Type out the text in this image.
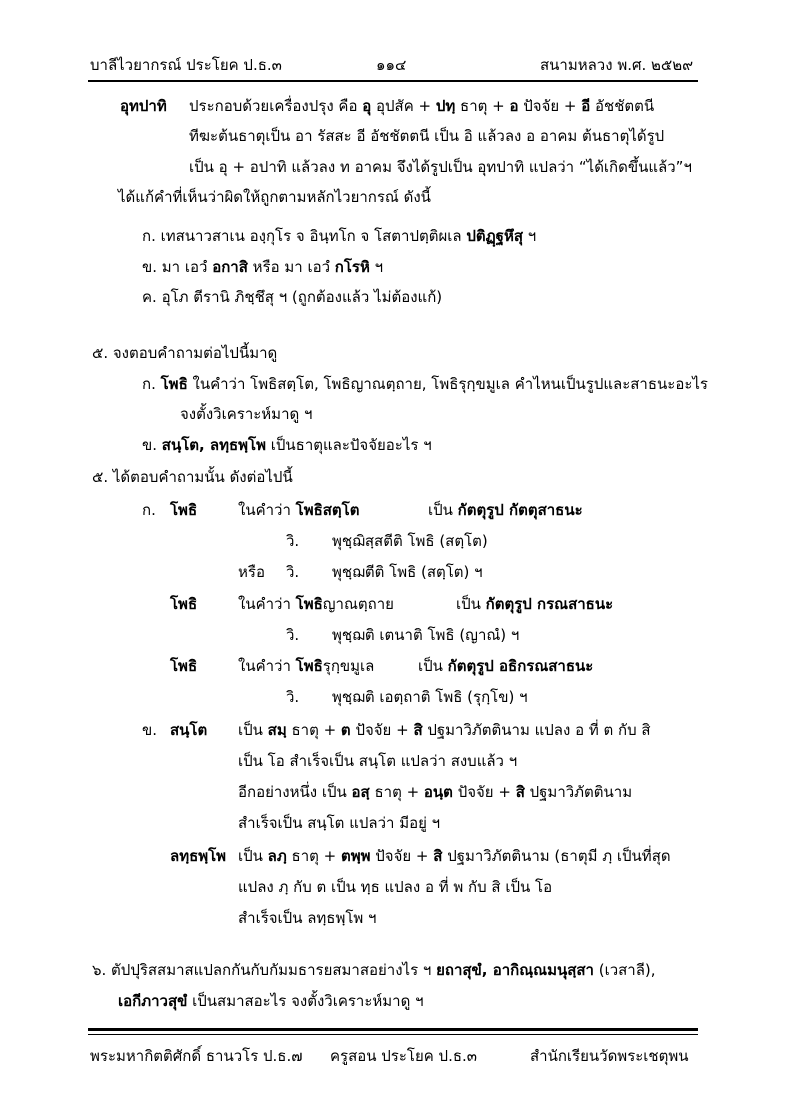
บาลีไวยากรณ์ ประโยค ป.ธ.๓	๑๑๔	สนามหลวง พ.ศ. ๒๕๒๙
อุทปาทิ ประกอบด้วยเครื่องปรุง คือ อุ อุปสัค + ปทฺ ธาตุ + อ ปัจจัย + อี อัชชัตตนี
ทีฆะต้นธาตุเป็น อา รัสสะ อี อัชชัตตนี เป็น อิ แล้วลง อ อาคม ต้นธาตุได้รูป
เป็น อุ + อปาทิ แล้วลง ท อาคม จึงได้รูปเป็น อุทปาทิ แปลว่า “ได้เกิดขึ้นแล้ว”ฯ
ได้แก้คำที่เห็นว่าผิดให้ถูกตามหลักไวยากรณ์ ดังนี้
ก. เทสนาวสาเน องฺกุโร จ อินฺทโก จ โสตาปตฺติผเล ปติฏฺฐหึสุ ฯ
ข. มา เอวํ อกาสิ หรือ มา เอวํ กโรหิ ฯ
ค. อุโภ ตีรานิ ภิชฺชึสุ ฯ (ถูกต้องแล้ว ไม่ต้องแก้)
๕. จงตอบคำถามต่อไปนี้มาดู
ก. โพธิ ในคำว่า โพธิสตฺโต, โพธิญาณตฺถาย, โพธิรุกฺขมูเล คำไหนเป็นรูปและสาธนะอะไร
จงตั้งวิเคราะห์มาดู ฯ
ข. สนฺโต, ลทฺธพฺโพ เป็นธาตุและปัจจัยอะไร ฯ
๕. ได้ตอบคำถามนั้น ดังต่อไปนี้
ก. โพธิ	ในคำว่า โพธิสตฺโต	เป็น กัตตุรูป กัตตุสาธนะ
วิ. พุชฺฌิสฺสตีติ โพธิ (สตฺโต)
หรือ วิ. พุชฺฌตีติ โพธิ (สตฺโต) ฯ
โพธิ	ในคำว่า โพธิญาณตฺถาย	เป็น กัตตุรูป กรณสาธนะ
วิ. พุชฺฌติ เตนาติ โพธิ (ญาณํ) ฯ
โพธิ	ในคำว่า โพธิรุกฺขมูเล	เป็น กัตตุรูป อธิกรณสาธนะ
วิ. พุชฺฌติ เอตฺถาติ โพธิ (รุกฺโข) ฯ
ข. สนฺโต เป็น สมฺ ธาตุ + ต ปัจจัย + สิ ปฐมาวิภัตตินาม แปลง อ ที่ ต กับ สิ
เป็น โอ สำเร็จเป็น สนฺโต แปลว่า สงบแล้ว ฯ
อีกอย่างหนึ่ง เป็น อสฺ ธาตุ + อนฺต ปัจจัย + สิ ปฐมาวิภัตตินาม
สำเร็จเป็น สนฺโต แปลว่า มีอยู่ ฯ
ลทฺธพฺโพ เป็น ลภฺ ธาตุ + ตพฺพ ปัจจัย + สิ ปฐมาวิภัตตินาม (ธาตุมี ภฺ เป็นที่สุด
แปลง ภฺ กับ ต เป็น ทฺธ แปลง อ ที่ พ กับ สิ เป็น โอ
สำเร็จเป็น ลทฺธพฺโพ ฯ
๖. ตัปปุริสสมาสแปลกกันกับกัมมธารยสมาสอย่างไร ฯ ยถาสุขํ, อากิณฺณมนุสฺสา (เวสาลี),
เอกีภาวสุขํ เป็นสมาสอะไร จงตั้งวิเคราะห์มาดู ฯ
พระมหากิตติศักดิ์ ธานวโร ป.ธ.๗ ครูสอน ประโยค ป.ธ.๓	สำนักเรียนวัดพระเชตุพน
